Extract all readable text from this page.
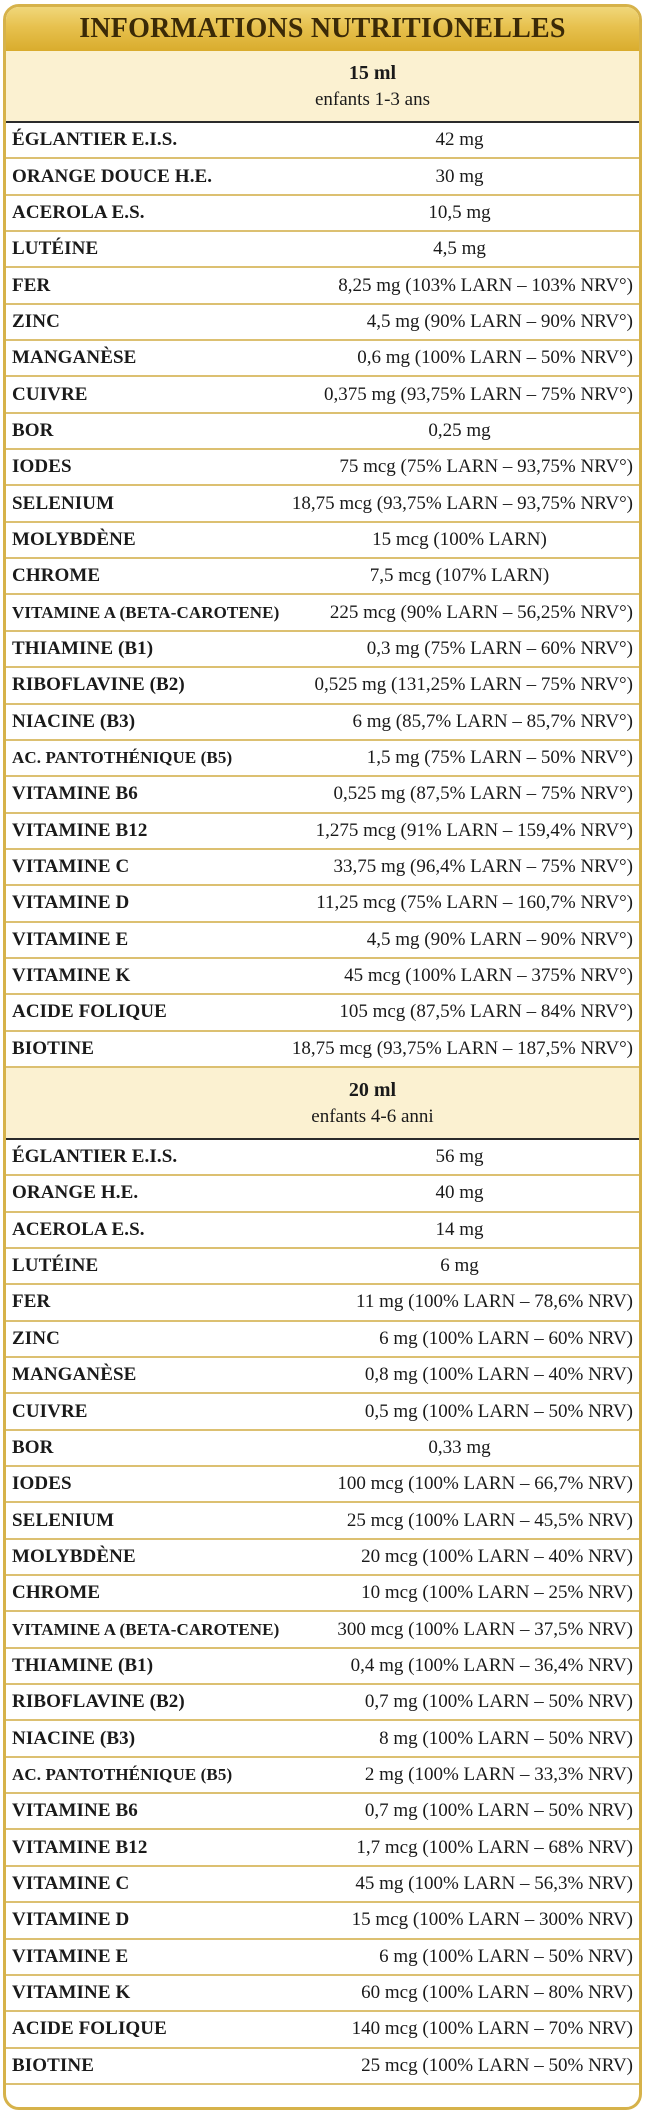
INFORMATIONS NUTRITIONELLES
15 ml
enfants 1-3 ans
ÉGLANTIER E.I.S.	42 mg
ORANGE DOUCE H.E.	30 mg
ACEROLA E.S.	10,5 mg
LUTÉINE	4,5 mg
FER	8,25 mg (103% LARN – 103% NRV°)
ZINC	4,5 mg (90% LARN – 90% NRV°)
MANGANÈSE	0,6 mg (100% LARN – 50% NRV°)
CUIVRE	0,375 mg (93,75% LARN – 75% NRV°)
BOR	0,25 mg
IODES	75 mcg (75% LARN – 93,75% NRV°)
SELENIUM	18,75 mcg (93,75% LARN – 93,75% NRV°)
MOLYBDÈNE	15 mcg (100% LARN)
CHROME	7,5 mcg (107% LARN)
VITAMINE A (BETA-CAROTENE)	225 mcg (90% LARN – 56,25% NRV°)
THIAMINE (B1)	0,3 mg (75% LARN – 60% NRV°)
RIBOFLAVINE (B2)	0,525 mg (131,25% LARN – 75% NRV°)
NIACINE (B3)	6 mg (85,7% LARN – 85,7% NRV°)
AC. PANTOTHÉNIQUE (B5)	1,5 mg (75% LARN – 50% NRV°)
VITAMINE B6	0,525 mg (87,5% LARN – 75% NRV°)
VITAMINE B12	1,275 mcg (91% LARN – 159,4% NRV°)
VITAMINE C	33,75 mg (96,4% LARN – 75% NRV°)
VITAMINE D	11,25 mcg (75% LARN – 160,7% NRV°)
VITAMINE E	4,5 mg (90% LARN – 90% NRV°)
VITAMINE K	45 mcg (100% LARN – 375% NRV°)
ACIDE FOLIQUE	105 mcg (87,5% LARN – 84% NRV°)
BIOTINE	18,75 mcg (93,75% LARN – 187,5% NRV°)
20 ml
enfants 4-6 anni
ÉGLANTIER E.I.S.	56 mg
ORANGE H.E.	40 mg
ACEROLA E.S.	14 mg
LUTÉINE	6 mg
FER	11 mg (100% LARN – 78,6% NRV)
ZINC	6 mg (100% LARN – 60% NRV)
MANGANÈSE	0,8 mg (100% LARN – 40% NRV)
CUIVRE	0,5 mg (100% LARN – 50% NRV)
BOR	0,33 mg
IODES	100 mcg (100% LARN – 66,7% NRV)
SELENIUM	25 mcg (100% LARN – 45,5% NRV)
MOLYBDÈNE	20 mcg (100% LARN – 40% NRV)
CHROME	10 mcg (100% LARN – 25% NRV)
VITAMINE A (BETA-CAROTENE)	300 mcg (100% LARN – 37,5% NRV)
THIAMINE (B1)	0,4 mg (100% LARN – 36,4% NRV)
RIBOFLAVINE (B2)	0,7 mg (100% LARN – 50% NRV)
NIACINE (B3)	8 mg (100% LARN – 50% NRV)
AC. PANTOTHÉNIQUE (B5)	2 mg (100% LARN – 33,3% NRV)
VITAMINE B6	0,7 mg (100% LARN – 50% NRV)
VITAMINE B12	1,7 mcg (100% LARN – 68% NRV)
VITAMINE C	45 mg (100% LARN – 56,3% NRV)
VITAMINE D	15 mcg (100% LARN – 300% NRV)
VITAMINE E	6 mg (100% LARN – 50% NRV)
VITAMINE K	60 mcg (100% LARN – 80% NRV)
ACIDE FOLIQUE	140 mcg (100% LARN – 70% NRV)
BIOTINE	25 mcg (100% LARN – 50% NRV)
